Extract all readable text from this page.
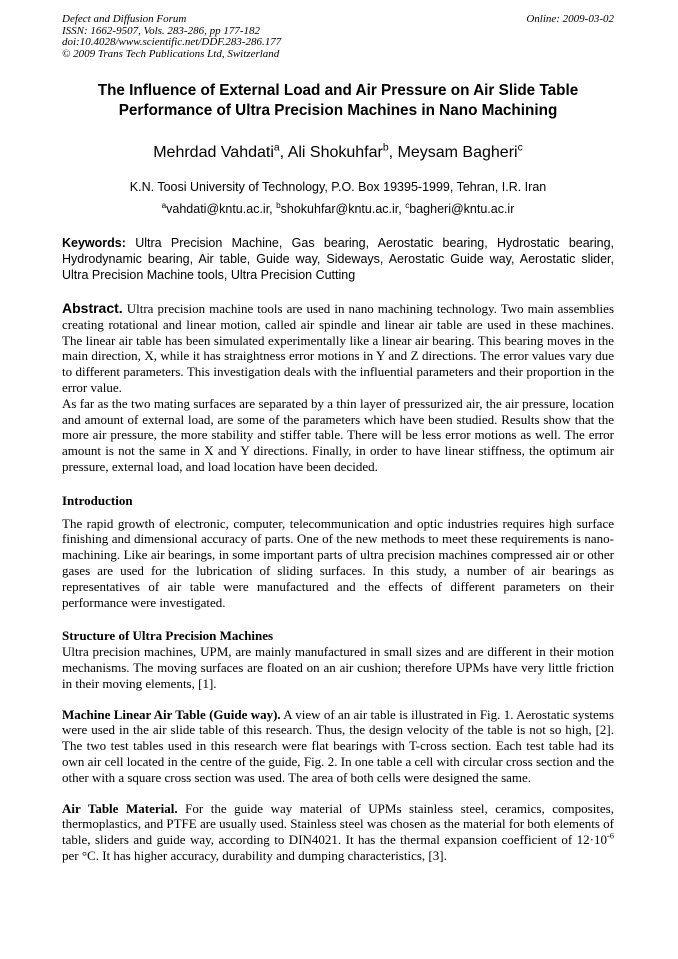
Online: 2009-03-02
Defect and Diffusion Forum
ISSN: 1662-9507, Vols. 283-286, pp 177-182
doi:10.4028/www.scientific.net/DDF.283-286.177
© 2009 Trans Tech Publications Ltd, Switzerland
The Influence of External Load and Air Pressure on Air Slide Table
Performance of Ultra Precision Machines in Nano Machining
Mehrdad Vahdati$^a$, Ali Shokuhfar$^b$, Meysam Bagheri$^c$
K.N. Toosi University of Technology, P.O. Box 19395-1999, Tehran, I.R. Iran
$^a$vahdati@kntu.ac.ir, $^b$shokuhfar@kntu.ac.ir, $^c$bagheri@kntu.ac.ir
Keywords: Ultra Precision Machine, Gas bearing, Aerostatic bearing, Hydrostatic bearing, Hydrodynamic bearing, Air table, Guide way, Sideways, Aerostatic Guide way, Aerostatic slider, Ultra Precision Machine tools, Ultra Precision Cutting

Abstract. Ultra precision machine tools are used in nano machining technology. Two main assemblies creating rotational and linear motion, called air spindle and linear air table are used in these machines. The linear air table has been simulated experimentally like a linear air bearing. This bearing moves in the main direction, X, while it has straightness error motions in Y and Z directions. The error values vary due to different parameters. This investigation deals with the influential parameters and their proportion in the error value.

As far as the two mating surfaces are separated by a thin layer of pressurized air, the air pressure, location and amount of external load, are some of the parameters which have been studied. Results show that the more air pressure, the more stability and stiffer table. There will be less error motions as well. The error amount is not the same in X and Y directions. Finally, in order to have linear stiffness, the optimum air pressure, external load, and load location have been decided.

Introduction

The rapid growth of electronic, computer, telecommunication and optic industries requires high surface finishing and dimensional accuracy of parts. One of the new methods to meet these requirements is nano-machining. Like air bearings, in some important parts of ultra precision machines compressed air or other gases are used for the lubrication of sliding surfaces. In this study, a number of air bearings as representatives of air table were manufactured and the effects of different parameters on their performance were investigated.

Structure of Ultra Precision Machines

Ultra precision machines, UPM, are mainly manufactured in small sizes and are different in their motion mechanisms. The moving surfaces are floated on an air cushion; therefore UPMs have very little friction in their moving elements, [1].

Machine Linear Air Table (Guide way). A view of an air table is illustrated in Fig. 1. Aerostatic systems were used in the air slide table of this research. Thus, the design velocity of the table is not so high, [2]. The two test tables used in this research were flat bearings with T-cross section. Each test table had its own air cell located in the centre of the guide, Fig. 2. In one table a cell with circular cross section and the other with a square cross section was used. The area of both cells were designed the same.

Air Table Material. For the guide way material of UPMs stainless steel, ceramics, composites, thermoplastics, and PTFE are usually used. Stainless steel was chosen as the material for both elements of table, sliders and guide way, according to DIN4021. It has the thermal expansion coefficient of $12\cdot 10^{-6}$ per °C. It has higher accuracy, durability and dumping characteristics, [3].
